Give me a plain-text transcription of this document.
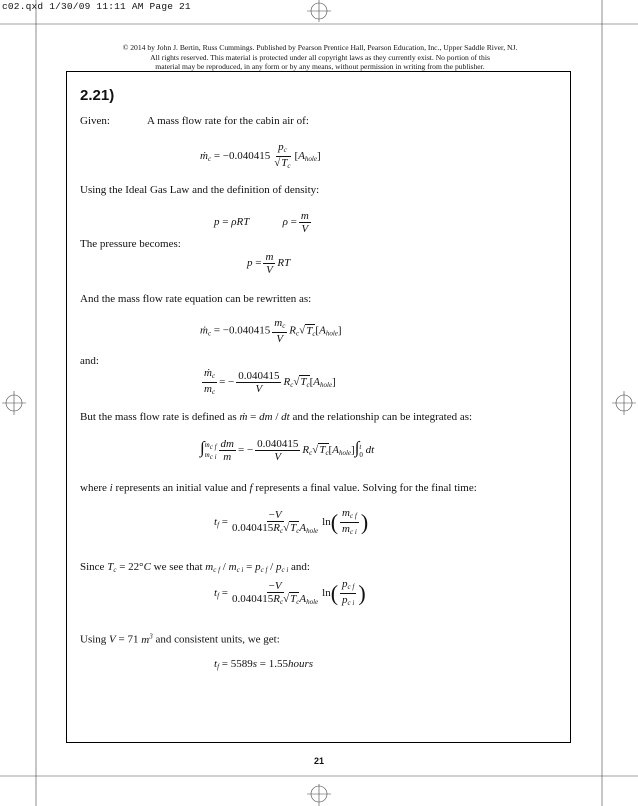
c02.qxd 1/30/09 11:11 AM Page 21
© 2014 by John J. Bertin, Russ Cummings. Published by Pearson Prentice Hall, Pearson Education, Inc., Upper Saddle River, NJ.
All rights reserved. This material is protected under all copyright laws as they currently exist. No portion of this
material may be reproduced, in any form or by any means, without permission in writing from the publisher.
2.21)
Given:	A mass flow rate for the cabin air of:
ṁ$_c$ = $-0.040415 \frac{p_c}{√T_c} [A_{hole}]$
Using the Ideal Gas Law and the definition of density:
p = ρRT	$\rho = \frac{m}{V}$
The pressure becomes:
$p = \frac{m}{V}$ RT
And the mass flow rate equation can be rewritten as:
ṁ$_c$ = $-0.040415 \frac{m_c}{V} R_c√T_c[A_{hole}]$
and:
$\frac{ṁ_c}{m_c}$ = − $\frac{0.040415}{V} R_c√T_c[A_{hole}]$
But the mass flow rate is defined as ṁ = dm / dt and the relationship can be integrated as:
∫ $m_{c f}$
$m_{c i} \frac{dm}{m}$ = − $\frac{0.040415}{V} R_c√T_c[A_{hole}]\int$ t
0 dt
where i represents an initial value and f represents a final value. Solving for the final time:
$t_f = \frac{-V}{0.040415R_c√T_cA_{hole}} \ln( \frac{m_{c f}}{m_{c i}}$ )
Since $T_c = 22^\circ C$ we see that $m_{c f} / m_{c i} = p_{c f} / p_{c i}$ and:
$t_f = \frac{-V}{0.040415R_c√T_cA_{hole}} \ln( \frac{p_{c f}}{p_{c i}}$ )
Using V = 71 $m^3$ and consistent units, we get:
$t_f = 5589s$ = 1.55hours
21
